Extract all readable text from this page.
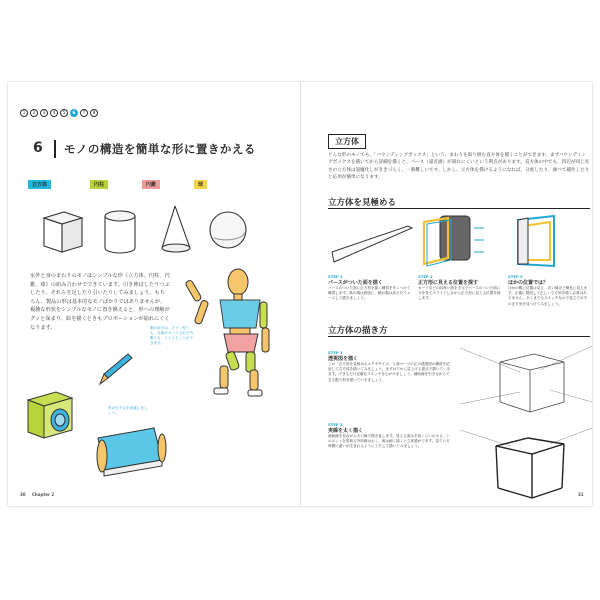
1	2	3	4	5	6	7	8
6 モノの構造を簡単な形に置きかえる
立方体	円柱	円錐	球
室外と身のまわりのモノはシンプルな形（立方体、円柱、円錐、球）の組み合わせでできています。引き伸ばしたりつぶしたり、それらを足したり引いたりしてみましょう。もちろん、製品の形は基本的なモノばかりではありませんが、複雑な形状をシンプルなモノに置き換えると、形への理解がグッと深まり、絵を描くときもプロポーションが崩れにくくなります。	胸の部分は、プリン型とも、丸瓶がセットされた円錐とも、とらえることができます。
肘の付き合を意識しましょう。
30 Chapter 2
立方体
どんな形のモノでも、「バウンディングボックス」という、まわりを取り囲む直方体を描くことができます。まずバウンディングボックスを描いてから詳細を描くと、パース（遠近感）が崩れにくいという利点があります。直方体の中でも、四辺が同じ長さの立方体は誤魔化しがききづらく、一番難しいです。しかし、立方体を描けるようになれば、分度したり、曲べて補作したりと応用が簡単になります。
立方体を見極める
STEP 1
パースがついた面を描く
パースのついた面に正方形を描く練習を多くつけて練習します。紙の端は底面に、横の端は高さをイメージして描きましょう。
STEP 2
正方形に見える位置を探す
カードなどの四角い紙を手元でパースのついた面に今を見てスライドしながら正方形に見える位置を探します。
STEP 3
ほかの位置では？
ほかの側に位置は見え、長い線ほど横長に見えます。正確に製図して正しい立方形を描く必要はありません。あくまでもスケッチなので見立ての中の正方形を見つけてみましょう。
立方体の描き方
STEP 1
透視図を描く
この「正方形を見極めるエクササイズ」と前ページの正の透視図の練習を応用して立方体を描いてみましょう。まずは下から見上げる視点で描いていきます。できるだけ正確なスケッチを心がけましょう。補助線を引きながらできる限り形を描いていきましょう。
STEP 2
実線を太く描く
補助線を見ながら太い線で描き直します。見える面は手前くらいの太さ、シルエットを型取る外形線は太く、奥は細く描くと立体感がでます。見ている時間に違いが生まれるように工夫して描いてみましょう。
31
